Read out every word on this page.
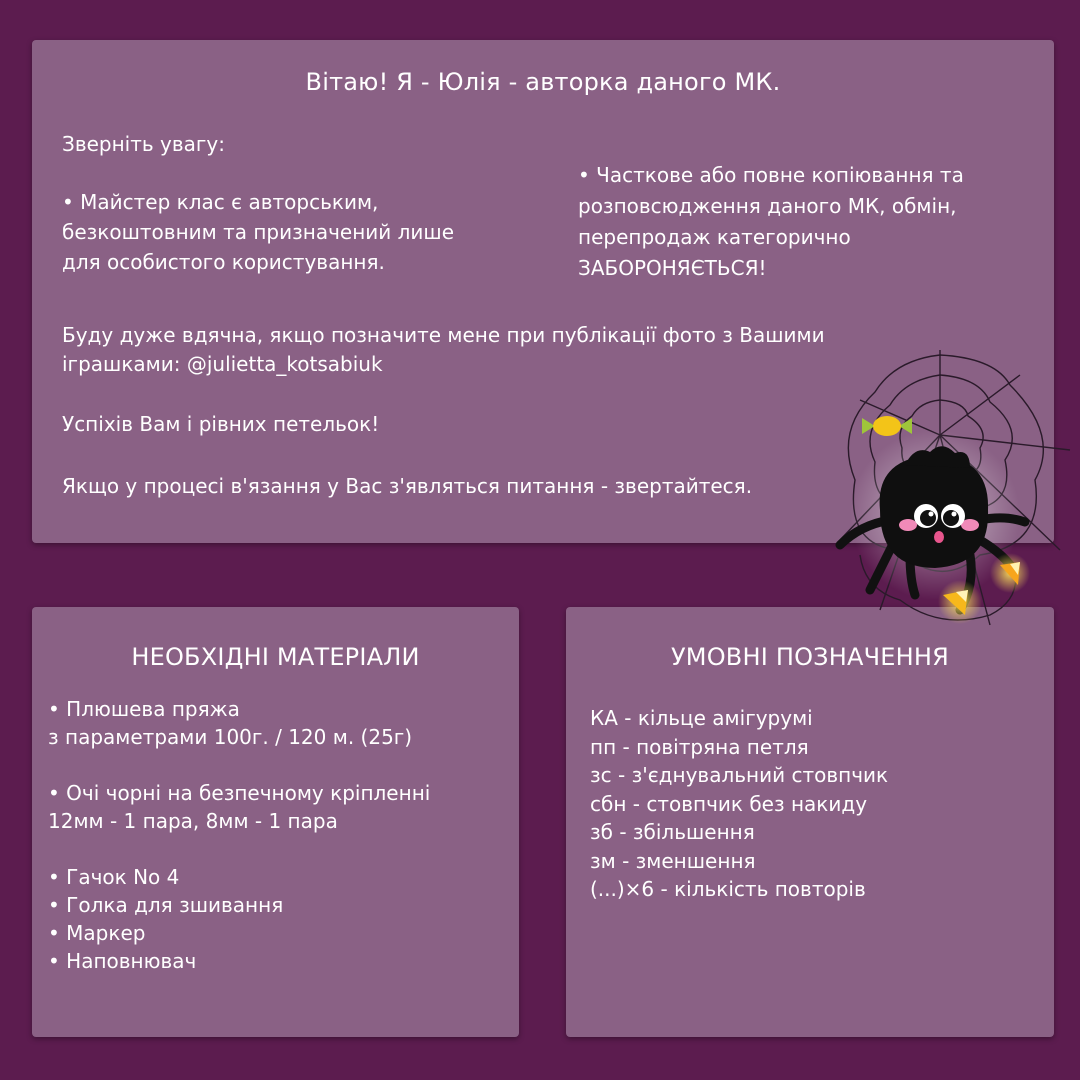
Вітаю! Я - Юлія - авторка даного МК.
Зверніть увагу:
• Майстер клас є авторським,
безкоштовним та призначений лише
для особистого користування.
• Часткове або повне копіювання та
розповсюдження даного МК, обмін,
перепродаж категорично
ЗАБОРОНЯЄТЬСЯ!
Буду дуже вдячна, якщо позначите мене при публікації фото з Вашими
іграшками: @julietta_kotsabiuk
Успіхів Вам і рівних петельок!
Якщо у процесі в'язання у Вас з'являться питання - звертайтеся.
НЕОБХІДНІ МАТЕРІАЛИ
• Плюшева пряжа
з параметрами 100г. / 120 м. (25г)

• Очі чорні на безпечному кріпленні
12мм - 1 пара, 8мм - 1 пара

• Гачок No 4
• Голка для зшивання
• Маркер
• Наповнювач
УМОВНІ ПОЗНАЧЕННЯ
КА - кільце амігурумі
пп - повітряна петля
зс - з'єднувальний стовпчик
сбн - стовпчик без накиду
зб - збільшення
зм - зменшення
(...)×6 - кількість повторів
